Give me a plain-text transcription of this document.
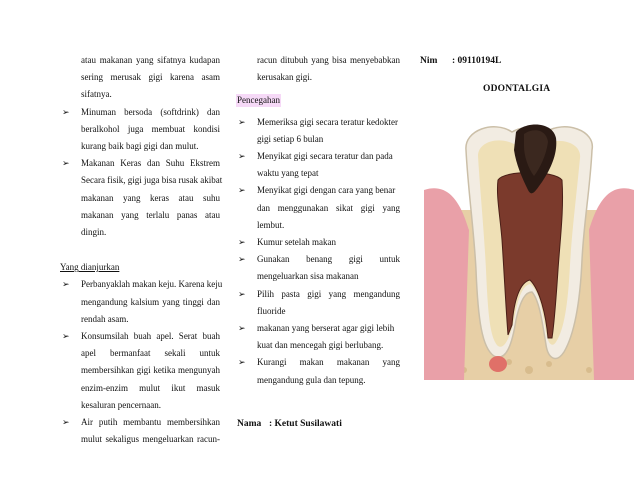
atau makanan yang sifatnya kudapan
sering merusak gigi karena asam
sifatnya.
➢ Minuman bersoda (softdrink) dan
beralkohol juga membuat kondisi
kurang baik bagi gigi dan mulut.
➢ Makanan Keras dan Suhu Ekstrem
Secara fisik, gigi juga bisa rusak akibat
makanan yang keras atau suhu
makanan yang terlalu panas atau
dingin.
Yang dianjurkan
➢ Perbanyaklah makan keju. Karena keju
mengandung kalsium yang tinggi dan
rendah asam.
➢ Konsumsilah buah apel. Serat buah
apel bermanfaat sekali untuk
membersihkan gigi ketika mengunyah
enzim-enzim mulut ikut masuk
kesaluran pencernaan.
➢ Air putih membantu membersihkan
mulut sekaligus mengeluarkan racun-
racun ditubuh yang bisa menyebabkan
kerusakan gigi.
Pencegahan
➢ Memeriksa gigi secara teratur kedokter
gigi setiap 6 bulan
➢ Menyikat gigi secara teratur dan pada
waktu yang tepat
➢ Menyikat gigi dengan cara yang benar
dan menggunakan sikat gigi yang
lembut.
➢ Kumur setelah makan
➢ Gunakan benang gigi untuk
mengeluarkan sisa makanan
➢ Pilih pasta gigi yang mengandung
fluoride
➢ makanan yang berserat agar gigi lebih
kuat dan mencegah gigi berlubang.
➢ Kurangi makan makanan yang
mengandung gula dan tepung.
Nim : 09110194L
ODONTALGIA
Nama : Ketut Susilawati
